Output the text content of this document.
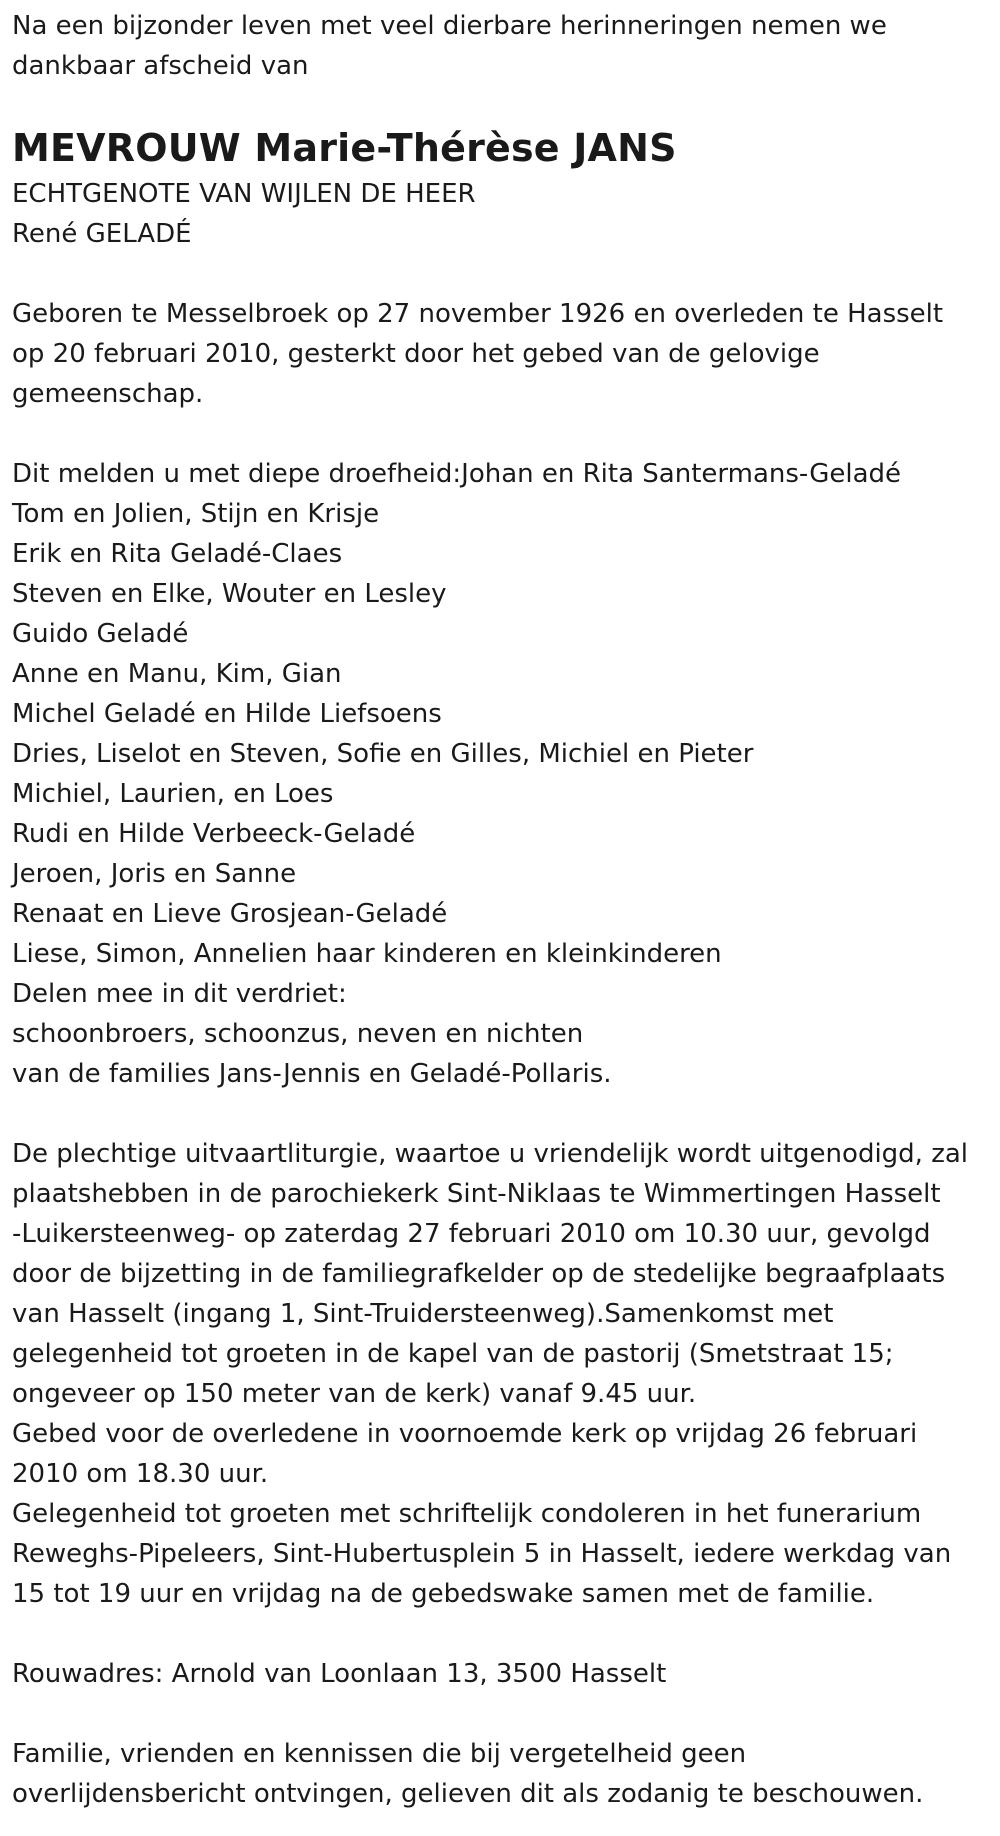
Na een bijzonder leven met veel dierbare herinneringen nemen we
dankbaar afscheid van
MEVROUW Marie-Thérèse JANS
ECHTGENOTE VAN WIJLEN DE HEER
René GELADÉ
Geboren te Messelbroek op 27 november 1926 en overleden te Hasselt
op 20 februari 2010, gesterkt door het gebed van de gelovige
gemeenschap.
Dit melden u met diepe droefheid:Johan en Rita Santermans-Geladé
Tom en Jolien, Stijn en Krisje
Erik en Rita Geladé-Claes
Steven en Elke, Wouter en Lesley
Guido Geladé
Anne en Manu, Kim, Gian
Michel Geladé en Hilde Liefsoens
Dries, Liselot en Steven, Sofie en Gilles, Michiel en Pieter
Michiel, Laurien, en Loes
Rudi en Hilde Verbeeck-Geladé
Jeroen, Joris en Sanne
Renaat en Lieve Grosjean-Geladé
Liese, Simon, Annelien haar kinderen en kleinkinderen
Delen mee in dit verdriet:
schoonbroers, schoonzus, neven en nichten
van de families Jans-Jennis en Geladé-Pollaris.
De plechtige uitvaartliturgie, waartoe u vriendelijk wordt uitgenodigd, zal
plaatshebben in de parochiekerk Sint-Niklaas te Wimmertingen Hasselt
-Luikersteenweg- op zaterdag 27 februari 2010 om 10.30 uur, gevolgd
door de bijzetting in de familiegrafkelder op de stedelijke begraafplaats
van Hasselt (ingang 1, Sint-Truidersteenweg).Samenkomst met
gelegenheid tot groeten in de kapel van de pastorij (Smetstraat 15;
ongeveer op 150 meter van de kerk) vanaf 9.45 uur.
Gebed voor de overledene in voornoemde kerk op vrijdag 26 februari
2010 om 18.30 uur.
Gelegenheid tot groeten met schriftelijk condoleren in het funerarium
Reweghs-Pipeleers, Sint-Hubertusplein 5 in Hasselt, iedere werkdag van
15 tot 19 uur en vrijdag na de gebedswake samen met de familie.
Rouwadres: Arnold van Loonlaan 13, 3500 Hasselt
Familie, vrienden en kennissen die bij vergetelheid geen
overlijdensbericht ontvingen, gelieven dit als zodanig te beschouwen.
